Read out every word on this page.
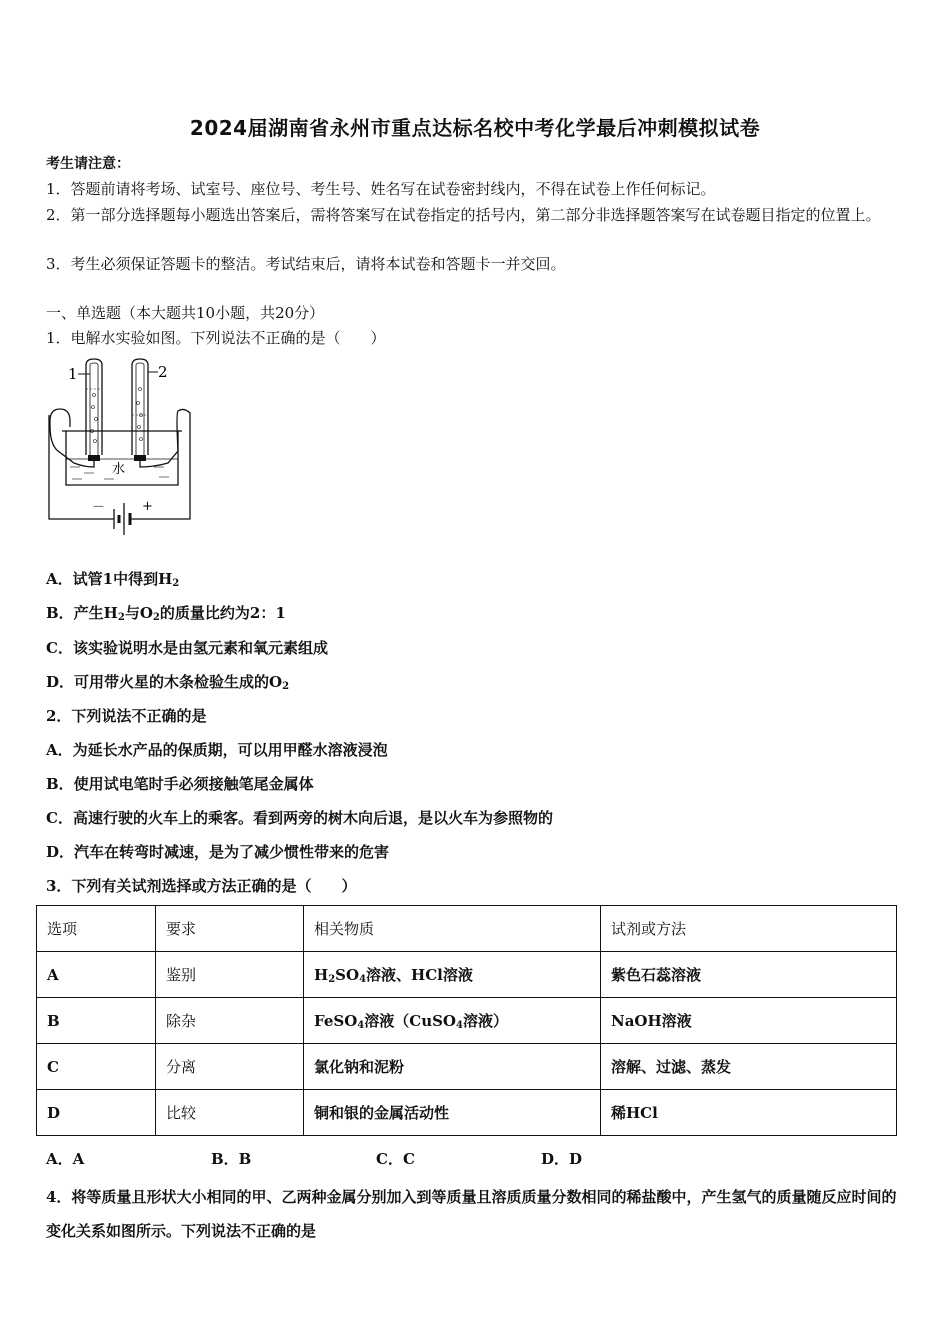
2024届湖南省永州市重点达标名校中考化学最后冲刺模拟试卷
考生请注意：
1．答题前请将考场、试室号、座位号、考生号、姓名写在试卷密封线内，不得在试卷上作任何标记。
2．第一部分选择题每小题选出答案后，需将答案写在试卷指定的括号内，第二部分非选择题答案写在试卷题目指定的位置上。
3．考生必须保证答题卡的整洁。考试结束后，请将本试卷和答题卡一并交回。
一、单选题（本大题共10小题，共20分）
1．电解水实验如图。下列说法不正确的是（　　）
1	2
水
－	+
A．试管1中得到$H_2$
B．产生$H_2$与$O_2$的质量比约为2：1
C．该实验说明水是由氢元素和氧元素组成
D．可用带火星的木条检验生成的$O_2$
2．下列说法不正确的是
A．为延长水产品的保质期，可以用甲醛水溶液浸泡
B．使用试电笔时手必须接触笔尾金属体
C．高速行驶的火车上的乘客。看到两旁的树木向后退，是以火车为参照物的
D．汽车在转弯时减速，是为了减少惯性带来的危害
3．下列有关试剂选择或方法正确的是（　　）
选项	要求	相关物质	试剂或方法
A	鉴别	$H_2SO_4$溶液、HCl溶液	紫色石蕊溶液
B	除杂	FeSO$_4$溶液（CuSO$_4$溶液）	NaOH溶液
C	分离	氯化钠和泥粉	溶解、过滤、蒸发
D	比较	铜和银的金属活动性	稀HCl
A．A	B．B	C．C	D．D
4．将等质量且形状大小相同的甲、乙两种金属分别加入到等质量且溶质质量分数相同的稀盐酸中，产生氢气的质量随反应时间的变化关系如图所示。下列说法不正确的是
